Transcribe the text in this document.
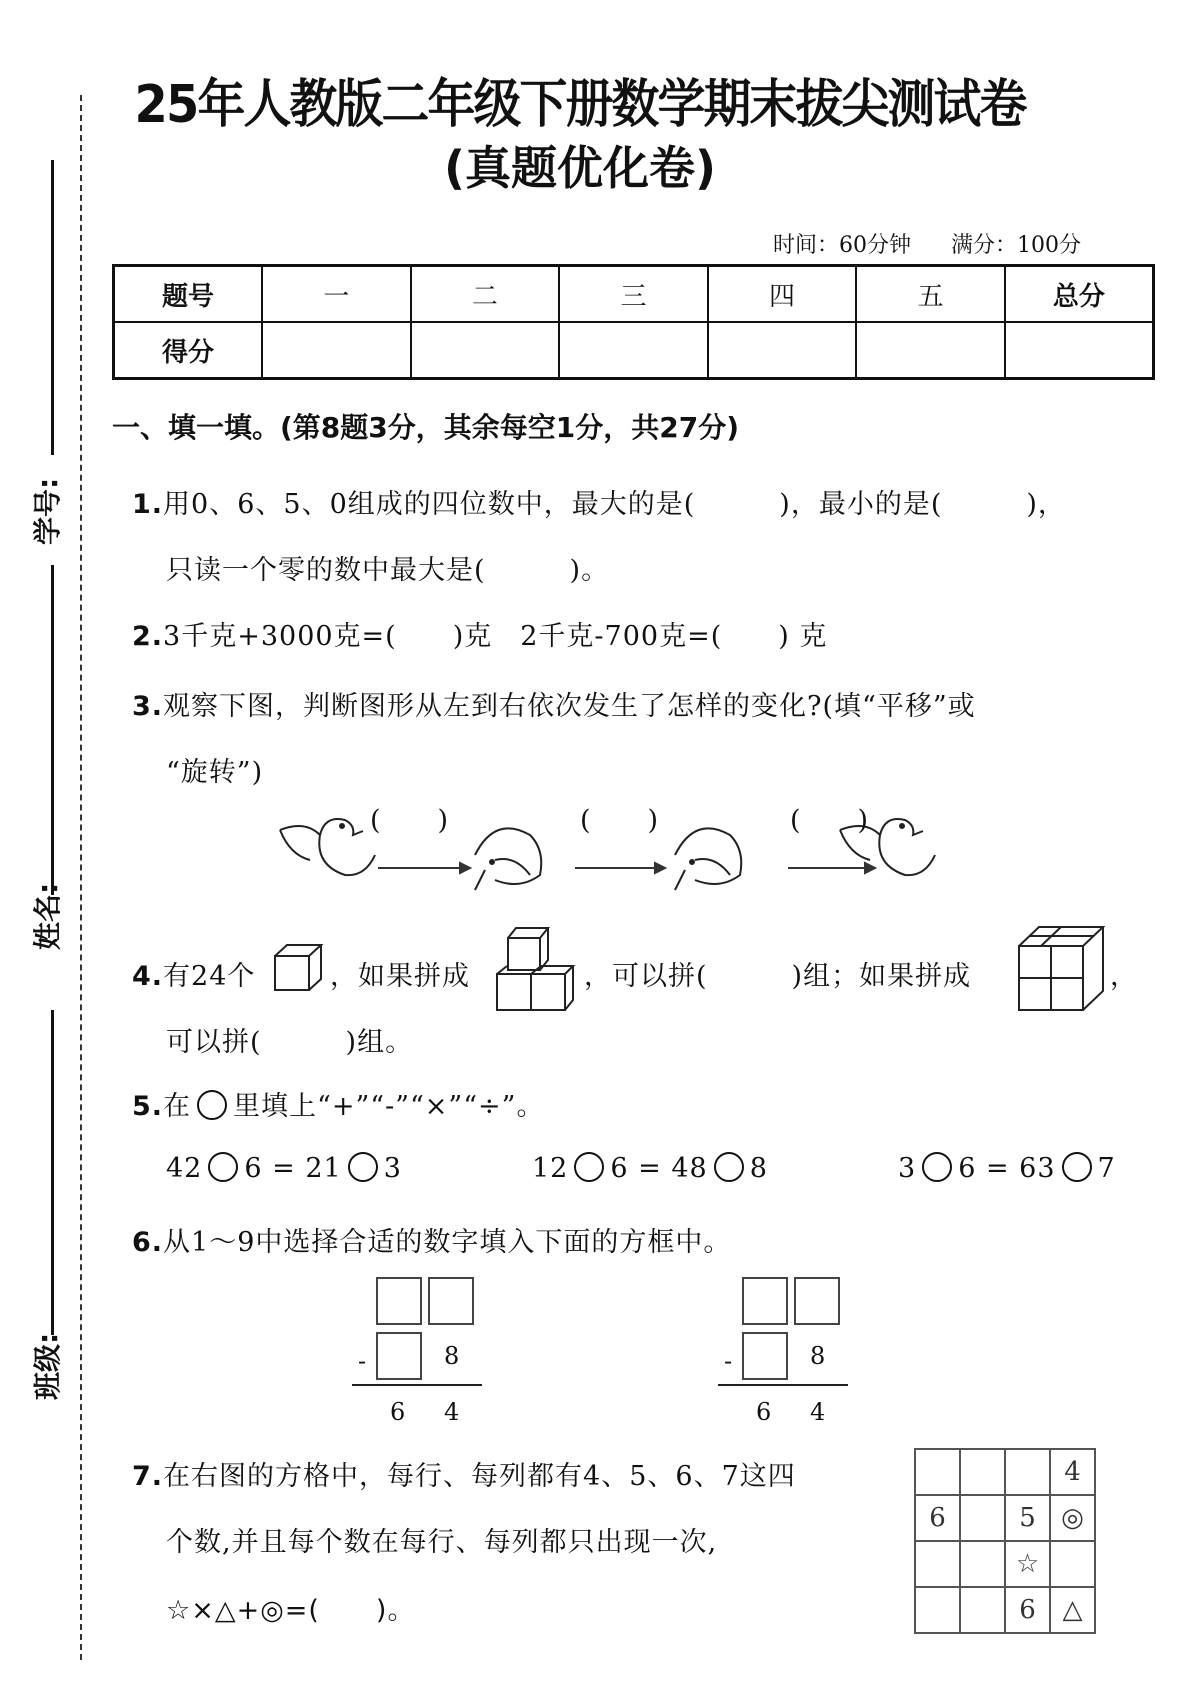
学号:
姓名:
班级:
25年人教版二年级下册数学期末拔尖测试卷
(真题优化卷)
时间：60分钟 满分：100分
题号	一	二	三	四	五	总分
得分						
一、填一填。(第8题3分，其余每空1分，共27分)
1.用0、6、5、0组成的四位数中，最大的是(　　　)，最小的是(　　　)，
只读一个零的数中最大是(　　　)。
2.3千克+3000克=(　　)克　2千克-700克=(　　) 克
3.观察下图，判断图形从左到右依次发生了怎样的变化?(填“平移”或
“旋转”)
(　　)	(　　)	(　　)
4.有24个	，如果拼成	，可以拼(　　　)组；如果拼成	，
可以拼(　　　)组。
5.在 里填上“+”“-”“×”“÷”。
42 6 = 21 3	12 6 = 48 8	3 6 = 63 7
6.从1～9中选择合适的数字填入下面的方框中。
-	8
6 4
-	8
6 4
7.在右图的方格中，每行、每列都有4、5、6、7这四
个数,并且每个数在每行、每列都只出现一次,
☆×△+◎=(　　)。
			4
6		5	◎
		☆	
		6	△
